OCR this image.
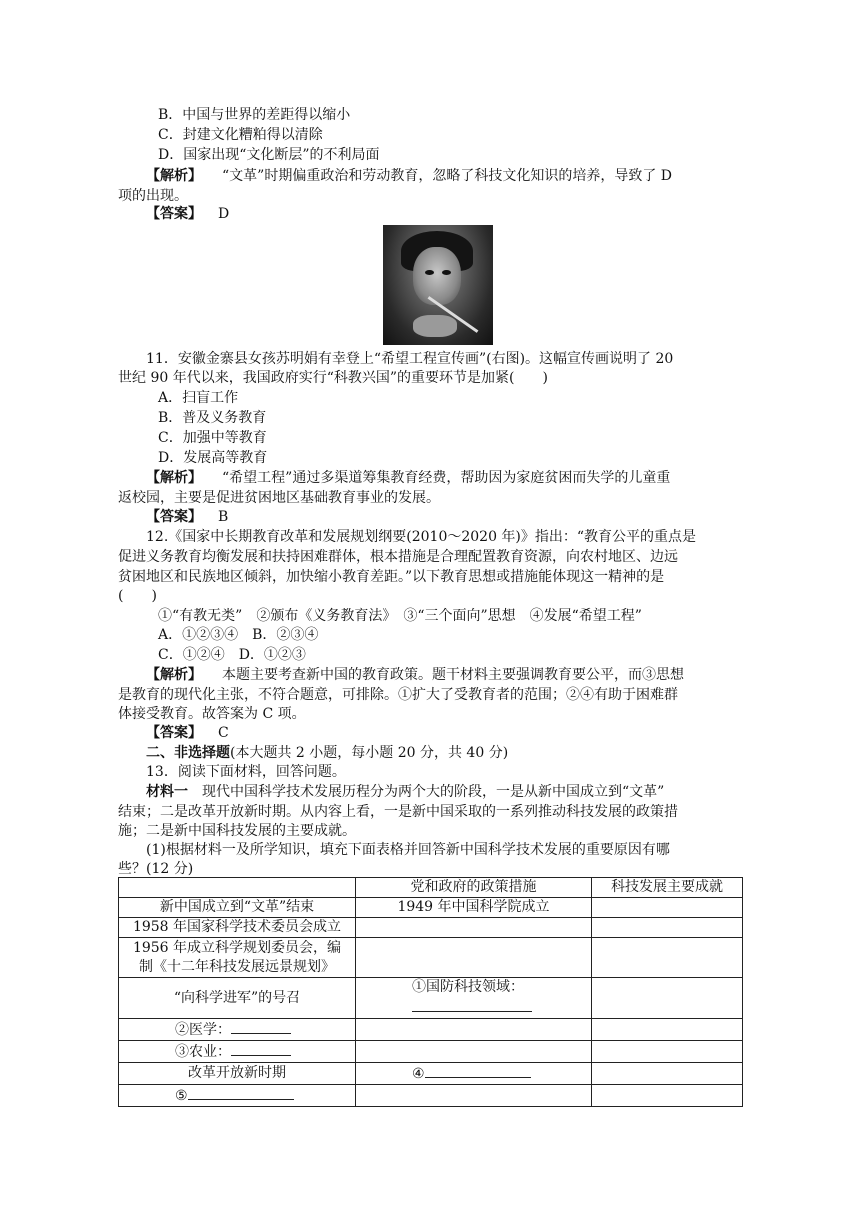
B．中国与世界的差距得以缩小
C．封建文化糟粕得以清除
D．国家出现“文化断层”的不利局面
【解析】 “文革”时期偏重政治和劳动教育，忽略了科技文化知识的培养，导致了 D
项的出现。
【答案】 D
11．安徽金寨县女孩苏明娟有幸登上“希望工程宣传画”(右图)。这幅宣传画说明了 20
世纪 90 年代以来，我国政府实行“科教兴国”的重要环节是加紧(　　)
A．扫盲工作
B．普及义务教育
C．加强中等教育
D．发展高等教育
【解析】 “希望工程”通过多渠道筹集教育经费，帮助因为家庭贫困而失学的儿童重
返校园，主要是促进贫困地区基础教育事业的发展。
【答案】 B
12.《国家中长期教育改革和发展规划纲要(2010～2020 年)》指出：“教育公平的重点是
促进义务教育均衡发展和扶持困难群体，根本措施是合理配置教育资源，向农村地区、边远
贫困地区和民族地区倾斜，加快缩小教育差距。”以下教育思想或措施能体现这一精神的是
(　　)
①“有教无类”　②颁布《义务教育法》　③“三个面向”思想　④发展“希望工程”
A．①②③④　B．②③④
C．①②④　D．①②③
【解析】 本题主要考查新中国的教育政策。题干材料主要强调教育要公平，而③思想
是教育的现代化主张，不符合题意，可排除。①扩大了受教育者的范围；②④有助于困难群
体接受教育。故答案为 C 项。
【答案】 C
二、非选择题(本大题共 2 小题，每小题 20 分，共 40 分)
13．阅读下面材料，回答问题。
材料一 现代中国科学技术发展历程分为两个大的阶段，一是从新中国成立到“文革”
结束；二是改革开放新时期。从内容上看，一是新中国采取的一系列推动科技发展的政策措
施；二是新中国科技发展的主要成就。
(1)根据材料一及所学知识，填充下面表格并回答新中国科学技术发展的重要原因有哪
些？(12 分)
	党和政府的政策措施	科技发展主要成就
新中国成立到“文革”结束	1949 年中国科学院成立	
1958 年国家科学技术委员会成立		

1956 年成立科学规划委员会，编
制《十二年科技发展远景规划》		

“向科学进军”的号召	①国防科技领域：	

②医学：		
③农业：		
改革开放新时期	④	
⑤		
